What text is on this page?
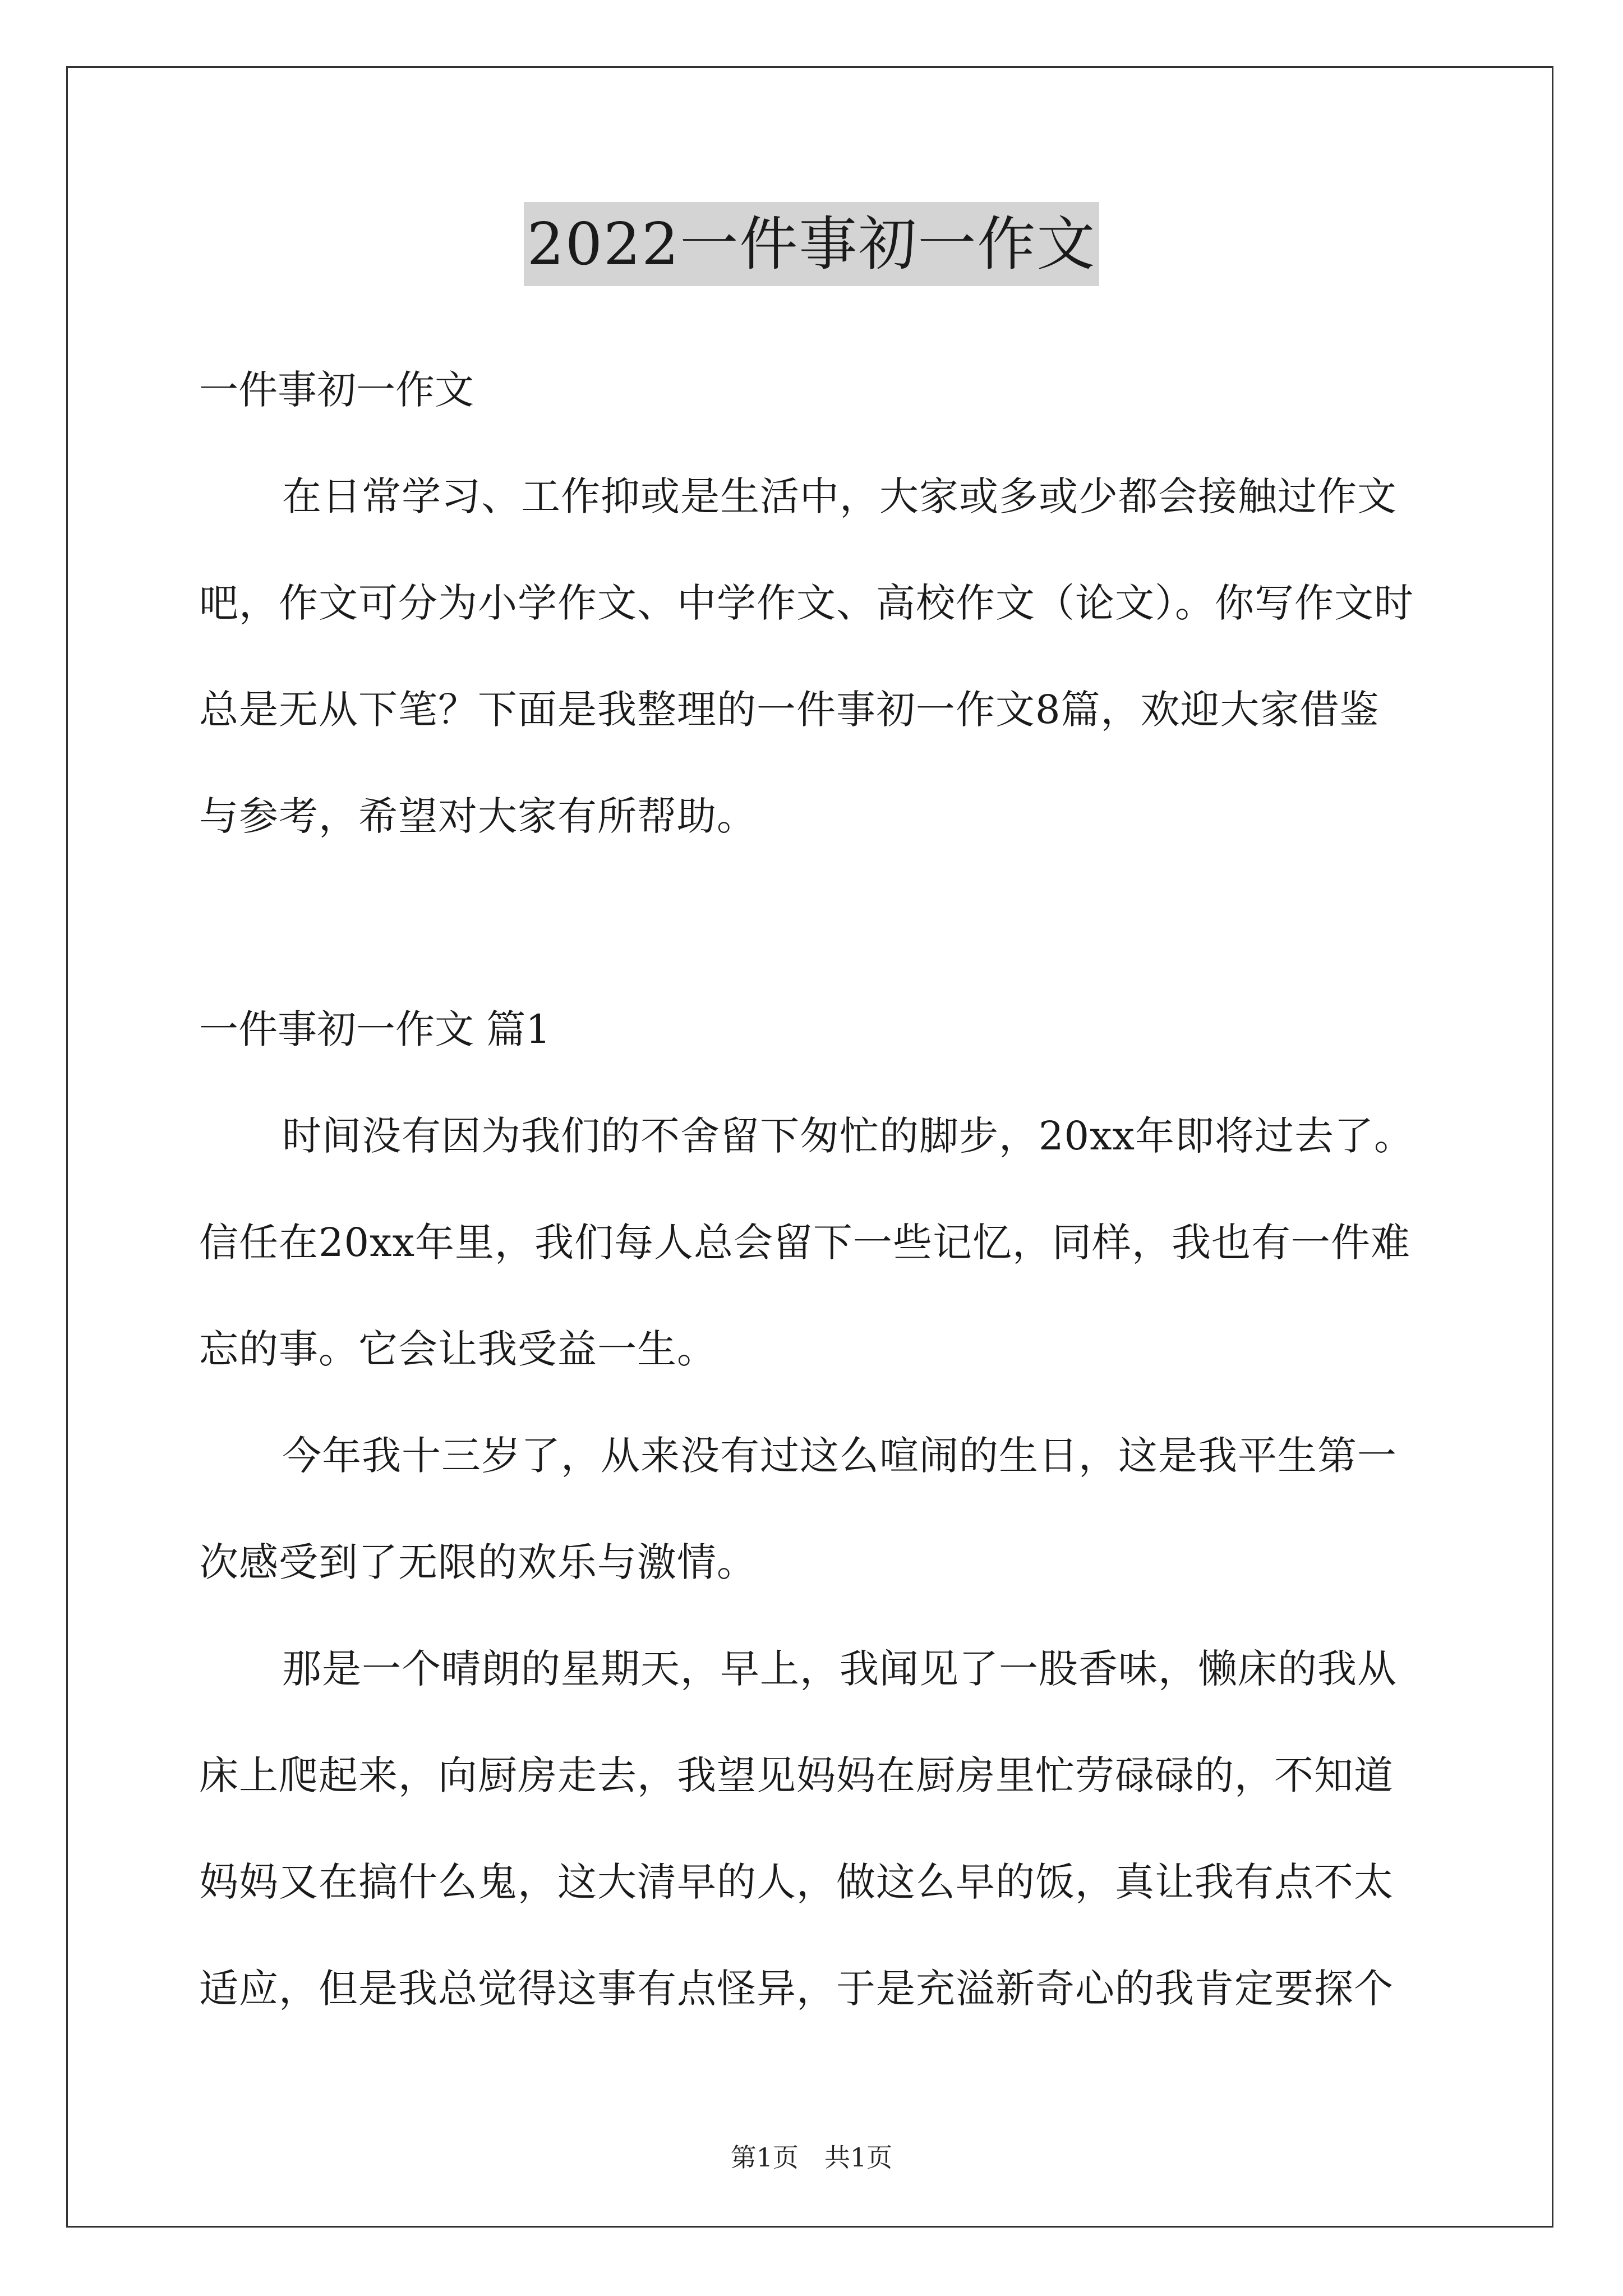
2022一件事初一作文

一件事初一作文

在日常学习、工作抑或是生活中，大家或多或少都会接触过作文
吧，作文可分为小学作文、中学作文、高校作文（论文）。你写作文时
总是无从下笔？下面是我整理的一件事初一作文8篇，欢迎大家借鉴
与参考，希望对大家有所帮助。

一件事初一作文 篇1

时间没有因为我们的不舍留下匆忙的脚步，20xx年即将过去了。
信任在20xx年里，我们每人总会留下一些记忆，同样，我也有一件难
忘的事。它会让我受益一生。

今年我十三岁了，从来没有过这么喧闹的生日，这是我平生第一
次感受到了无限的欢乐与激情。

那是一个晴朗的星期天，早上，我闻见了一股香味，懒床的我从
床上爬起来，向厨房走去，我望见妈妈在厨房里忙劳碌碌的，不知道
妈妈又在搞什么鬼，这大清早的人，做这么早的饭，真让我有点不太
适应，但是我总觉得这事有点怪异，于是充溢新奇心的我肯定要探个

第1页 共1页
